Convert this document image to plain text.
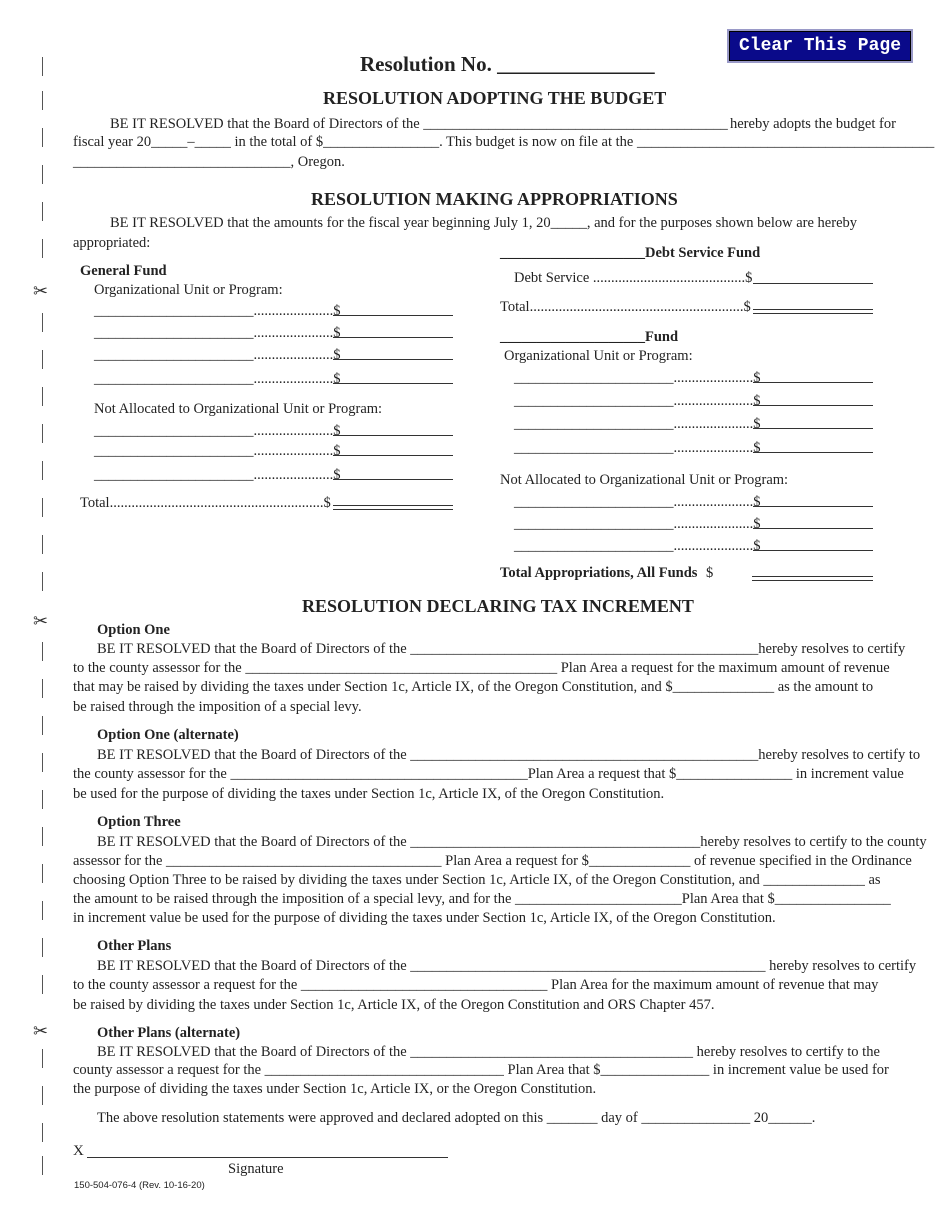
✂
✂
✂
Clear This Page
Resolution No. _______________
RESOLUTION ADOPTING THE BUDGET
BE IT RESOLVED that the Board of Directors of the __________________________________________ hereby adopts the budget for
fiscal year 20_____–_____ in the total of $________________. This budget is now on file at the _________________________________________
______________________________, Oregon.
RESOLUTION MAKING APPROPRIATIONS
BE IT RESOLVED that the amounts for the fiscal year beginning July 1, 20_____, and for the purposes shown below are hereby
appropriated:
General Fund
Organizational Unit or Program:
______________________......................$
______________________......................$
______________________......................$
______________________......................$
Not Allocated to Organizational Unit or Program:
______________________......................$
______________________......................$
______________________......................$
Total...........................................................$
____________________Debt Service Fund
Debt Service ..........................................$
Total...........................................................$
____________________Fund
Organizational Unit or Program:
______________________......................$
______________________......................$
______________________......................$
______________________......................$
Not Allocated to Organizational Unit or Program:
______________________......................$
______________________......................$
______________________......................$
Total Appropriations, All Funds $
RESOLUTION DECLARING TAX INCREMENT
Option One
BE IT RESOLVED that the Board of Directors of the ________________________________________________hereby resolves to certify
to the county assessor for the ___________________________________________ Plan Area a request for the maximum amount of revenue
that may be raised by dividing the taxes under Section 1c, Article IX, of the Oregon Constitution, and $______________ as the amount to
be raised through the imposition of a special levy.
Option One (alternate)
BE IT RESOLVED that the Board of Directors of the ________________________________________________hereby resolves to certify to
the county assessor for the _________________________________________Plan Area a request that $________________ in increment value
be used for the purpose of dividing the taxes under Section 1c, Article IX, of the Oregon Constitution.
Option Three
BE IT RESOLVED that the Board of Directors of the ________________________________________hereby resolves to certify to the county
assessor for the ______________________________________ Plan Area a request for $______________ of revenue specified in the Ordinance
choosing Option Three to be raised by dividing the taxes under Section 1c, Article IX, of the Oregon Constitution, and ______________ as
the amount to be raised through the imposition of a special levy, and for the _______________________Plan Area that $________________
in increment value be used for the purpose of dividing the taxes under Section 1c, Article IX, of the Oregon Constitution.
Other Plans
BE IT RESOLVED that the Board of Directors of the _________________________________________________ hereby resolves to certify
to the county assessor a request for the __________________________________ Plan Area for the maximum amount of revenue that may
be raised by dividing the taxes under Section 1c, Article IX, of the Oregon Constitution and ORS Chapter 457.
Other Plans (alternate)
BE IT RESOLVED that the Board of Directors of the _______________________________________ hereby resolves to certify to the
county assessor a request for the _________________________________ Plan Area that $_______________ in increment value be used for
the purpose of dividing the taxes under Section 1c, Article IX, or the Oregon Constitution.
The above resolution statements were approved and declared adopted on this _______ day of _______________ 20______.
X
Signature
150-504-076-4 (Rev. 10-16-20)
